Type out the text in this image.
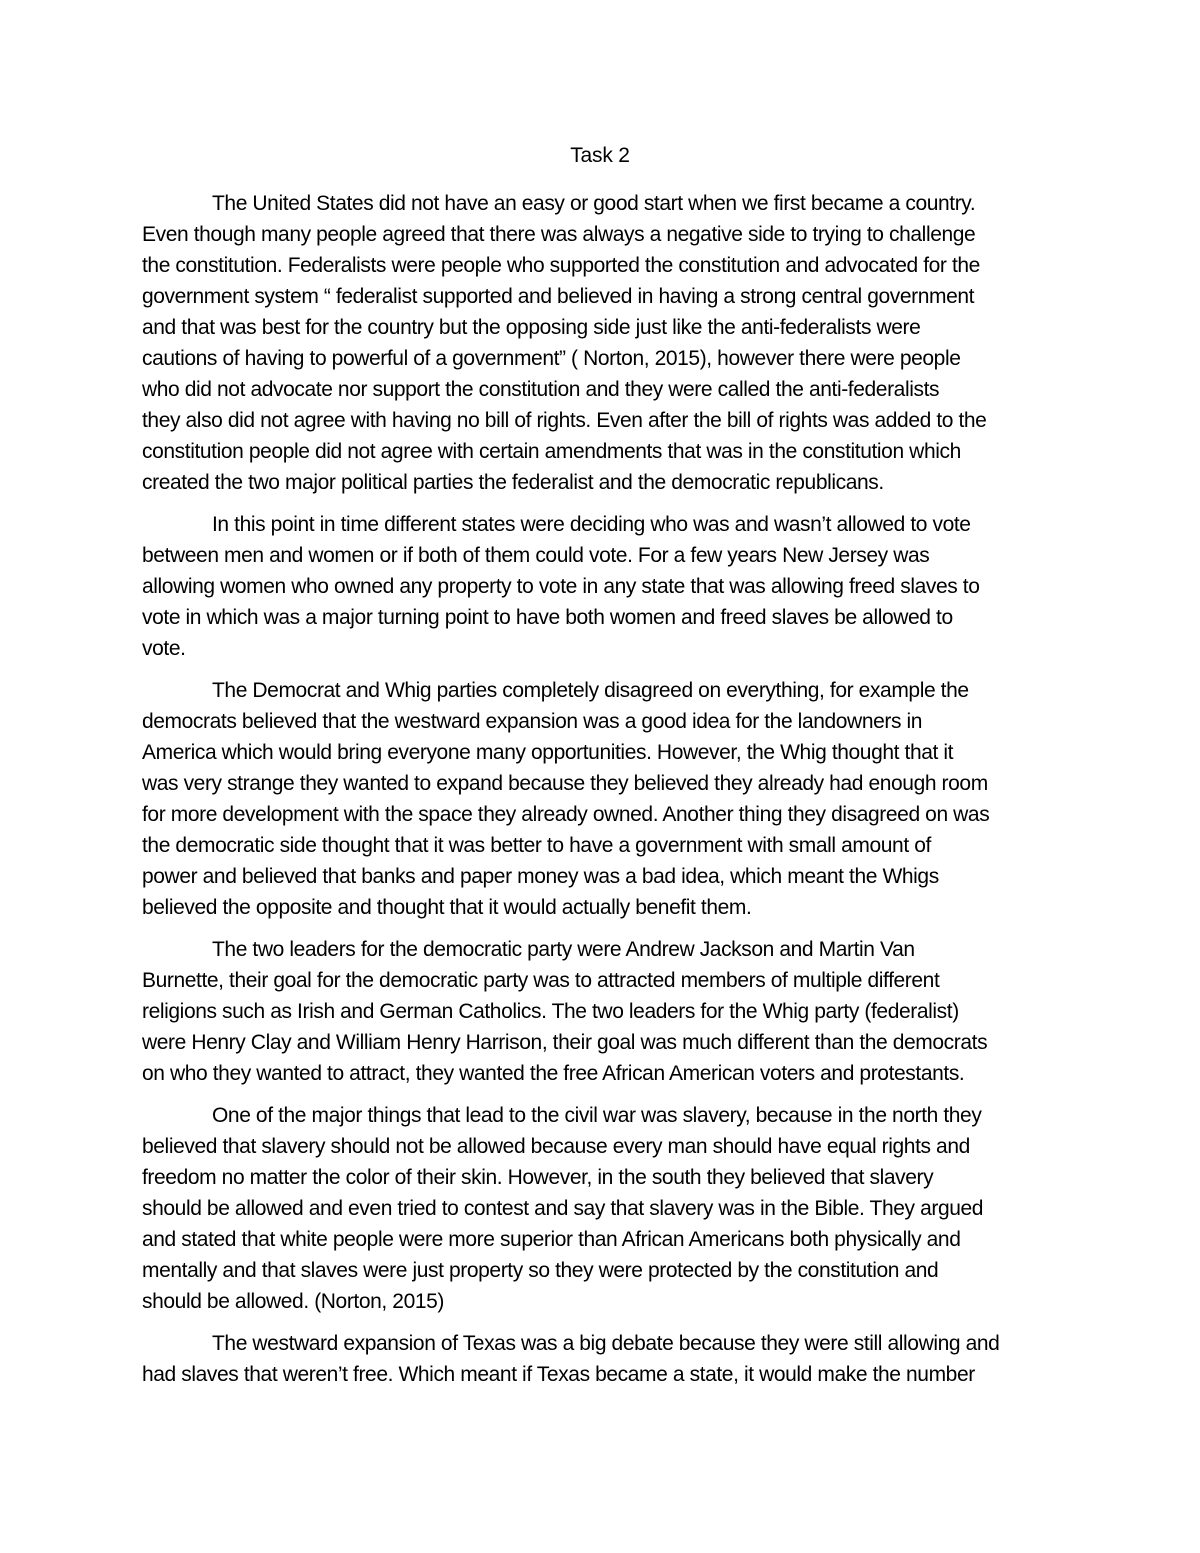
Task 2
The United States did not have an easy or good start when we first became a country.
Even though many people agreed that there was always a negative side to trying to challenge
the constitution. Federalists were people who supported the constitution and advocated for the
government system “ federalist supported and believed in having a strong central government
and that was best for the country but the opposing side just like the anti-federalists were
cautions of having to powerful of a government” ( Norton, 2015), however there were people
who did not advocate nor support the constitution and they were called the anti-federalists
they also did not agree with having no bill of rights. Even after the bill of rights was added to the
constitution people did not agree with certain amendments that was in the constitution which
created the two major political parties the federalist and the democratic republicans.
In this point in time different states were deciding who was and wasn’t allowed to vote
between men and women or if both of them could vote. For a few years New Jersey was
allowing women who owned any property to vote in any state that was allowing freed slaves to
vote in which was a major turning point to have both women and freed slaves be allowed to
vote.
The Democrat and Whig parties completely disagreed on everything, for example the
democrats believed that the westward expansion was a good idea for the landowners in
America which would bring everyone many opportunities. However, the Whig thought that it
was very strange they wanted to expand because they believed they already had enough room
for more development with the space they already owned. Another thing they disagreed on was
the democratic side thought that it was better to have a government with small amount of
power and believed that banks and paper money was a bad idea, which meant the Whigs
believed the opposite and thought that it would actually benefit them.
The two leaders for the democratic party were Andrew Jackson and Martin Van
Burnette, their goal for the democratic party was to attracted members of multiple different
religions such as Irish and German Catholics. The two leaders for the Whig party (federalist)
were Henry Clay and William Henry Harrison, their goal was much different than the democrats
on who they wanted to attract, they wanted the free African American voters and protestants.
One of the major things that lead to the civil war was slavery, because in the north they
believed that slavery should not be allowed because every man should have equal rights and
freedom no matter the color of their skin. However, in the south they believed that slavery
should be allowed and even tried to contest and say that slavery was in the Bible. They argued
and stated that white people were more superior than African Americans both physically and
mentally and that slaves were just property so they were protected by the constitution and
should be allowed. (Norton, 2015)
The westward expansion of Texas was a big debate because they were still allowing and
had slaves that weren’t free. Which meant if Texas became a state, it would make the number
